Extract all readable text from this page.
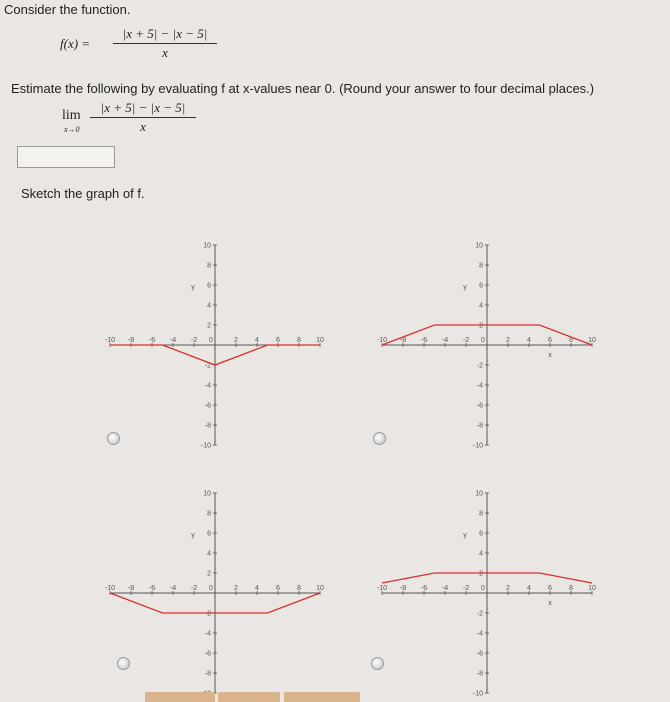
Consider the function.
$f(x) = \frac{|x + 5| - |x - 5|}{x}$
Estimate the following by evaluating f at x-values near 0. (Round your answer to four decimal places.)
lim
$x\to 0 \frac{|x + 5| - |x - 5|}{x}$
Sketch the graph of f.
-10 -8 -6 -4 -2 0	2 4 6 8 10
10
8
6
4
2
-2
-4
-6
-8
-10
y
-10 -8 -6 -4 -2 0	2 4 6 8 10
10
8
6
4
2
-2
-4
-6
-8
-10
y
x
-10 -8 -6 -4 -2 0	2 4 6 8 10
10
8
6
4
2
-2
-4
-6
-8
y
-10 -8 -6 -4 -2 0	2 4 6 8 10
10
8
6
4
2
-2
-4
-6
-8
-10
y
x
